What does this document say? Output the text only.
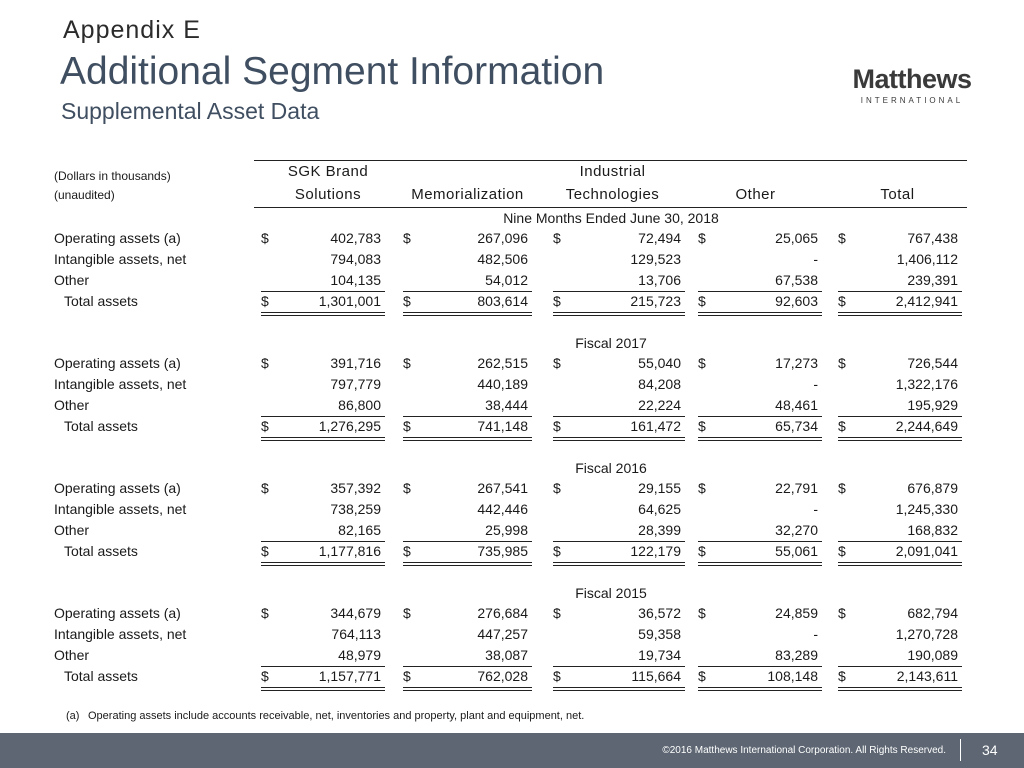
Appendix E
Additional Segment Information
Supplemental Asset Data
Matthews
INTERNATIONAL
(Dollars in thousands)
(unaudited)
SGK Brand
Solutions	Memorialization
Industrial
Technologies	Other	Total
Nine Months Ended June 30, 2018
Operating assets (a)	$	402,783 $	267,096 $	72,494 $	25,065 $	767,438
Intangible assets, net	794,083	482,506	129,523	-	1,406,112
Other	104,135	54,012	13,706	67,538	239,391
Total assets	$	1,301,001 $	803,614 $	215,723 $	92,603 $	2,412,941
Fiscal 2017
Operating assets (a)	$	391,716 $	262,515 $	55,040 $	17,273 $	726,544
Intangible assets, net	797,779	440,189	84,208	-	1,322,176
Other	86,800	38,444	22,224	48,461	195,929
Total assets	$	1,276,295 $	741,148 $	161,472 $	65,734 $	2,244,649
Fiscal 2016
Operating assets (a)	$	357,392 $	267,541 $	29,155 $	22,791 $	676,879
Intangible assets, net	738,259	442,446	64,625	-	1,245,330
Other	82,165	25,998	28,399	32,270	168,832
Total assets	$	1,177,816 $	735,985 $	122,179 $	55,061 $	2,091,041
Fiscal 2015
Operating assets (a)	$	344,679 $	276,684 $	36,572 $	24,859 $	682,794
Intangible assets, net	764,113	447,257	59,358	-	1,270,728
Other	48,979	38,087	19,734	83,289	190,089
Total assets	$	1,157,771 $	762,028 $	115,664 $	108,148 $	2,143,611
(a) Operating assets include accounts receivable, net, inventories and property, plant and equipment, net.
©2016 Matthews International Corporation. All Rights Reserved.	34
